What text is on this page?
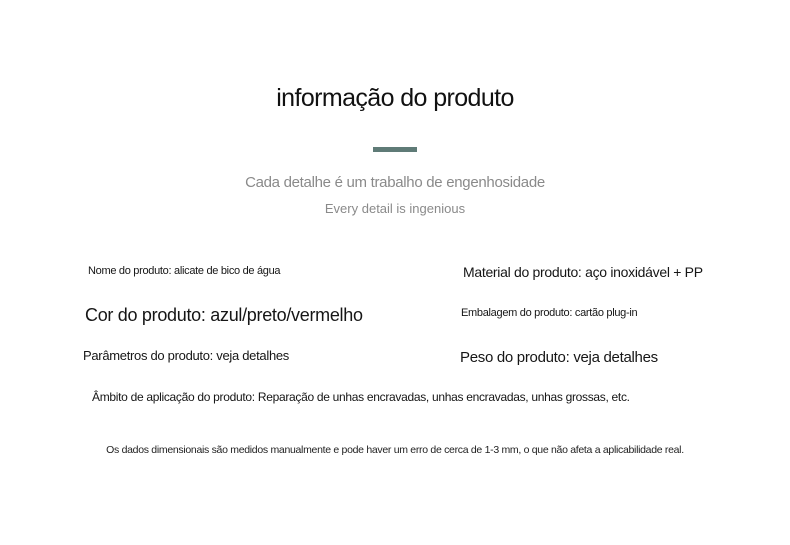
informação do produto
Cada detalhe é um trabalho de engenhosidade
Every detail is ingenious
Nome do produto: alicate de bico de água	Material do produto: aço inoxidável + PP
Cor do produto: azul/preto/vermelho	Embalagem do produto: cartão plug-in
Parâmetros do produto: veja detalhes	Peso do produto: veja detalhes
Âmbito de aplicação do produto: Reparação de unhas encravadas, unhas encravadas, unhas grossas, etc.
Os dados dimensionais são medidos manualmente e pode haver um erro de cerca de 1-3 mm, o que não afeta a aplicabilidade real.
